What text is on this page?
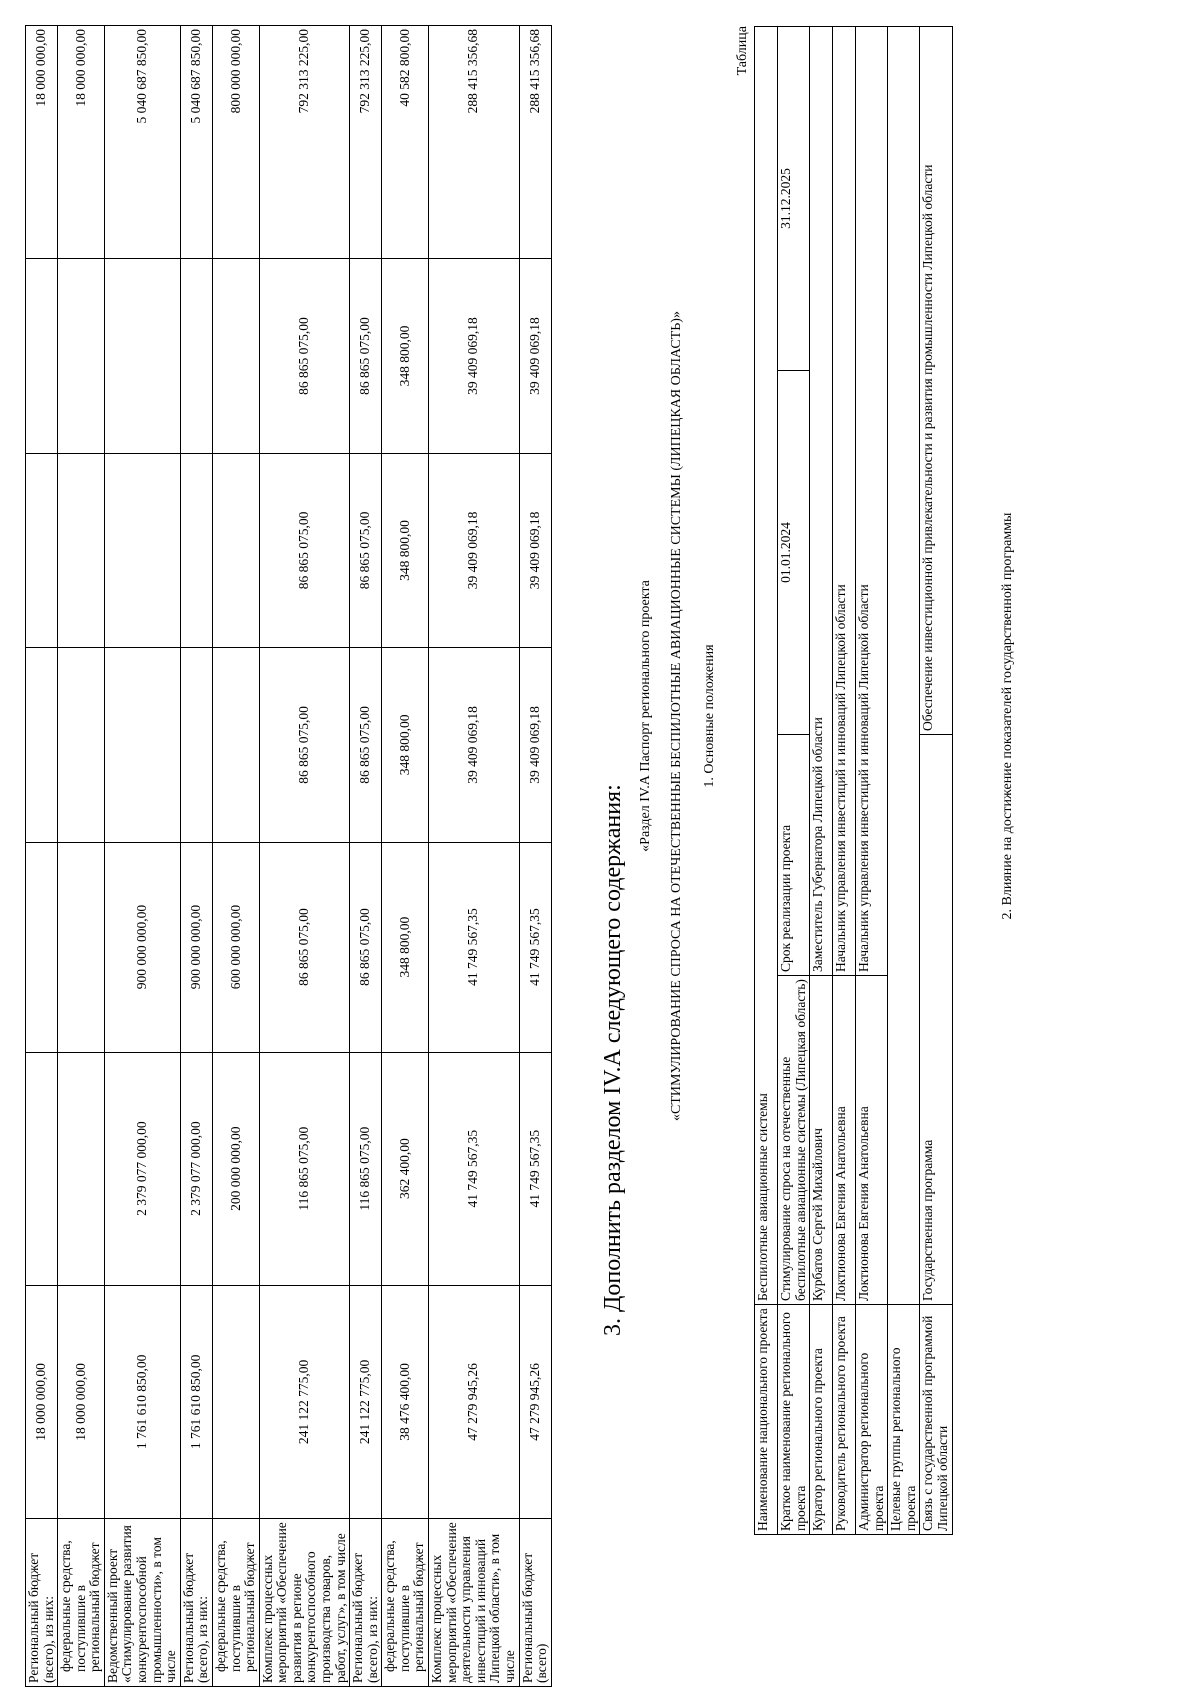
Региональный бюджет (всего), из них:	18 000 000,00						18 000 000,00
федеральные средства, поступившие в региональный бюджет	18 000 000,00						18 000 000,00
Ведомственный проект «Стимулирование развития конкурентоспособной промышленности», в том числе	1 761 610 850,00	2 379 077 000,00	900 000 000,00				5 040 687 850,00
Региональный бюджет (всего), из них:	1 761 610 850,00	2 379 077 000,00	900 000 000,00				5 040 687 850,00
федеральные средства, поступившие в региональный бюджет		200 000 000,00	600 000 000,00				800 000 000,00
Комплекс процессных мероприятий «Обеспечение развития в регионе конкурентоспособного производства товаров, работ, услуг», в том числе	241 122 775,00	116 865 075,00	86 865 075,00	86 865 075,00	86 865 075,00	86 865 075,00	792 313 225,00
Региональный бюджет (всего), из них:	241 122 775,00	116 865 075,00	86 865 075,00	86 865 075,00	86 865 075,00	86 865 075,00	792 313 225,00
федеральные средства, поступившие в региональный бюджет	38 476 400,00	362 400,00	348 800,00	348 800,00	348 800,00	348 800,00	40 582 800,00
Комплекс процессных мероприятий «Обеспечение деятельности управления инвестиций и инноваций Липецкой области», в том числе	47 279 945,26	41 749 567,35	41 749 567,35	39 409 069,18	39 409 069,18	39 409 069,18	288 415 356,68
Региональный бюджет (всего)	47 279 945,26	41 749 567,35	41 749 567,35	39 409 069,18	39 409 069,18	39 409 069,18	288 415 356,68
3. Дополнить разделом IV.А следующего содержания:
«Раздел IV.А Паспорт регионального проекта «СТИМУЛИРОВАНИЕ СПРОСА НА ОТЕЧЕСТВЕННЫЕ БЕСПИЛОТНЫЕ АВИАЦИОННЫЕ СИСТЕМЫ (ЛИПЕЦКАЯ ОБЛАСТЬ)» 1. Основные положения
Таблица
Наименование национального проекта	Беспилотные авиационные системы			
Краткое наименование регионального проекта	Стимулирование спроса на отечественные беспилотные авиационные системы (Липецкая область)	Срок реализации проекта	01.01.2024	31.12.2025
Куратор регионального проекта	Курбатов Сергей Михайлович	Заместитель Губернатора Липецкой области		
Руководитель регионального проекта	Локтионова Евгения Анатольевна	Начальник управления инвестиций и инноваций Липецкой области		
Администратор регионального проекта	Локтионова Евгения Анатольевна	Начальник управления инвестиций и инноваций Липецкой области		
Целевые группы регионального проекта				
Связь с государственной программой Липецкой области	Государственная программа		Обеспечение инвестиционной привлекательности и развития промышленности Липецкой области		2. Влияние на достижение показателей государственной программы
